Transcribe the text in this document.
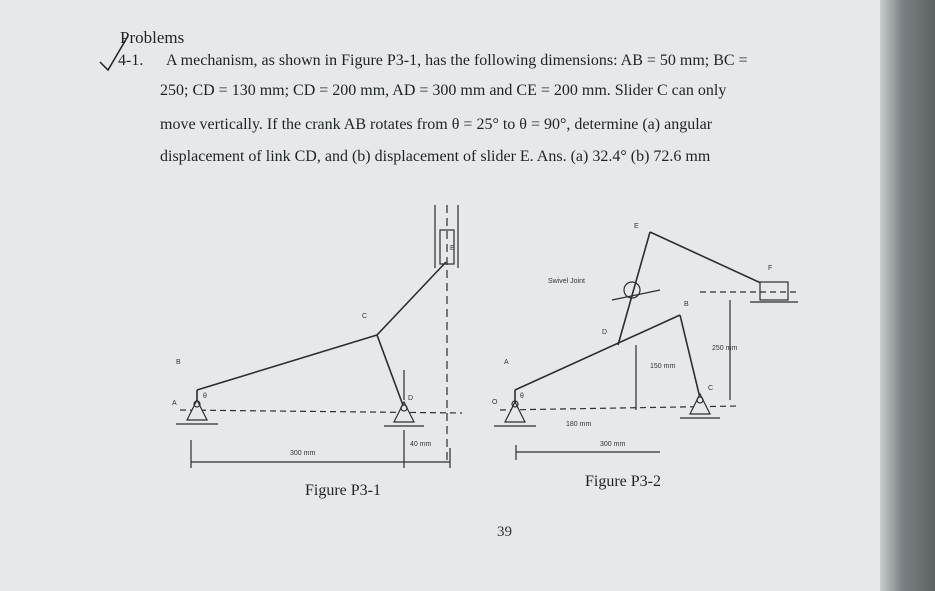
Problems
4-1. A mechanism, as shown in Figure P3-1, has the following dimensions: AB = 50 mm; BC =
250; CD = 130 mm; CD = 200 mm, AD = 300 mm and CE = 200 mm. Slider C can only
move vertically. If the crank AB rotates from θ = 25° to θ = 90°, determine (a) angular
displacement of link CD, and (b) displacement of slider E. Ans. (a) 32.4° (b) 72.6 mm
E
C
B
A
D
θ
300 mm
40 mm
Swivel Joint
E
F
B
D
A
C
O
θ
250 mm
150 mm
180 mm
300 mm
Figure P3-1
Figure P3-2
39
